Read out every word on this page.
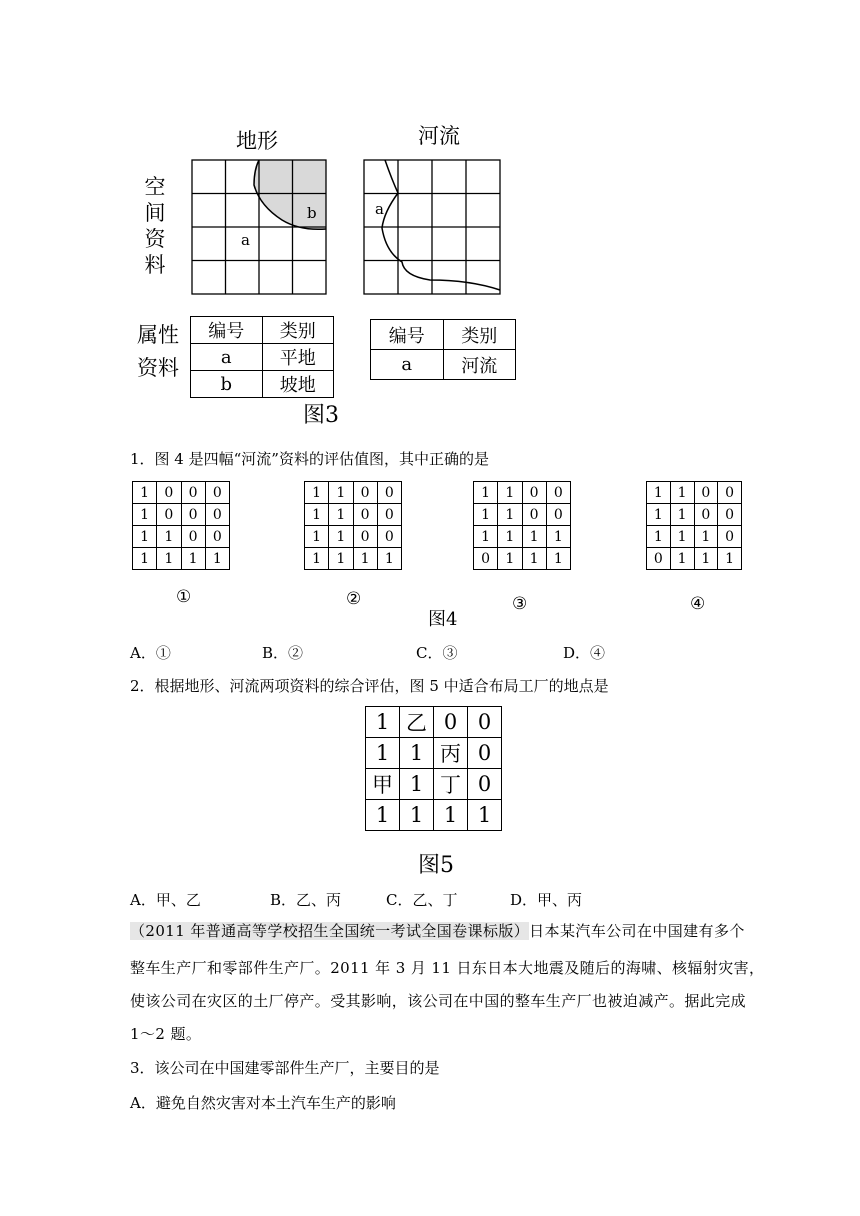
地形	河流
空
间
资
料
b
a
a
属性
资料
编号	类别
a	平地
b	坡地
编号	类别
a	河流
图3
1．图 4 是四幅“河流”资料的评估值图，其中正确的是
1	0	0	0
1	0	0	0
1	1	0	0
1	1	1	1
1	1	0	0
1	1	0	0
1	1	0	0
1	1	1	1
1	1	0	0
1	1	0	0
1	1	1	1
0	1	1	1
1	1	0	0
1	1	0	0
1	1	1	0
0	1	1	1
①	②	③	④
图4
A．①	B．②	C．③	D．④
2．根据地形、河流两项资料的综合评估，图 5 中适合布局工厂的地点是
1	乙	0	0
1	1	丙	0
甲	1	丁	0
1	1	1	1
图5
A．甲、乙	B．乙、丙	C．乙、丁	D．甲、丙
（2011 年普通高等学校招生全国统一考试全国卷课标版）日本某汽车公司在中国建有多个
整车生产厂和零部件生产厂。2011 年 3 月 11 日东日本大地震及随后的海啸、核辐射灾害，
使该公司在灾区的土厂停产。受其影响，该公司在中国的整车生产厂也被迫减产。据此完成
1～2 题。
3．该公司在中国建零部件生产厂，主要目的是
A．避免自然灾害对本土汽车生产的影响
